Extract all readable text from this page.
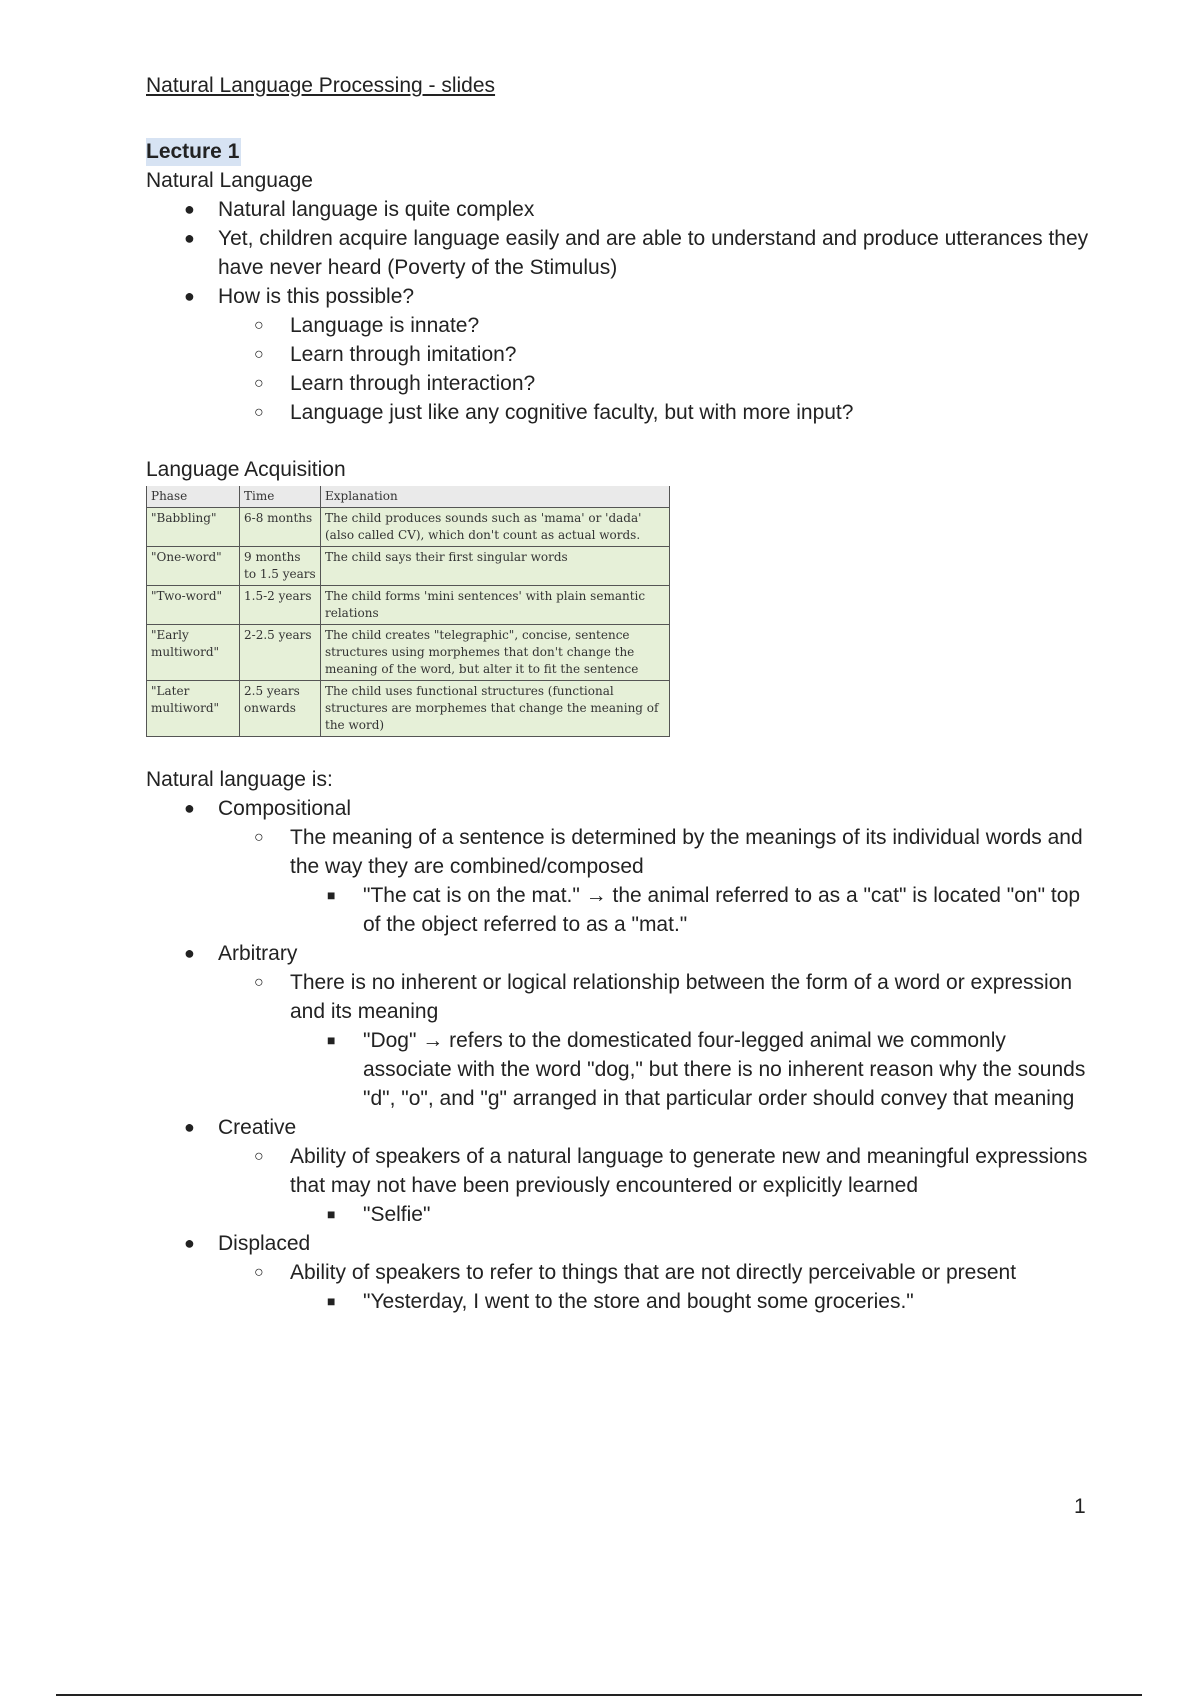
Natural Language Processing - slides

Lecture 1

Natural Language

● Natural language is quite complex
● Yet, children acquire language easily and are able to understand and produce utterances they have never heard (Poverty of the Stimulus)
● How is this possible?
○ Language is innate?
○ Learn through imitation?
○ Learn through interaction?
○ Language just like any cognitive faculty, but with more input?

Language Acquisition

Phase	Time	Explanation
"Babbling"	6-8 months	The child produces sounds such as 'mama' or 'dada' (also called CV), which don't count as actual words.
"One-word"	9 months to 1.5 years	The child says their first singular words
"Two-word"	1.5-2 years	The child forms 'mini sentences' with plain semantic relations
"Early multiword"	2-2.5 years	The child creates "telegraphic", concise, sentence structures using morphemes that don't change the meaning of the word, but alter it to fit the sentence
"Later multiword"	2.5 years onwards	The child uses functional structures (functional structures are morphemes that change the meaning of the word)

Natural language is:

● Compositional
○ The meaning of a sentence is determined by the meanings of its individual words and the way they are combined/composed
■ "The cat is on the mat." → the animal referred to as a "cat" is located "on" top of the object referred to as a "mat."
● Arbitrary
○ There is no inherent or logical relationship between the form of a word or expression and its meaning
■ "Dog" → refers to the domesticated four-legged animal we commonly associate with the word "dog," but there is no inherent reason why the sounds "d", "o", and "g" arranged in that particular order should convey that meaning
● Creative
○ Ability of speakers of a natural language to generate new and meaningful expressions that may not have been previously encountered or explicitly learned
■ "Selfie"
● Displaced
○ Ability of speakers to refer to things that are not directly perceivable or present
■ "Yesterday, I went to the store and bought some groceries."
1
